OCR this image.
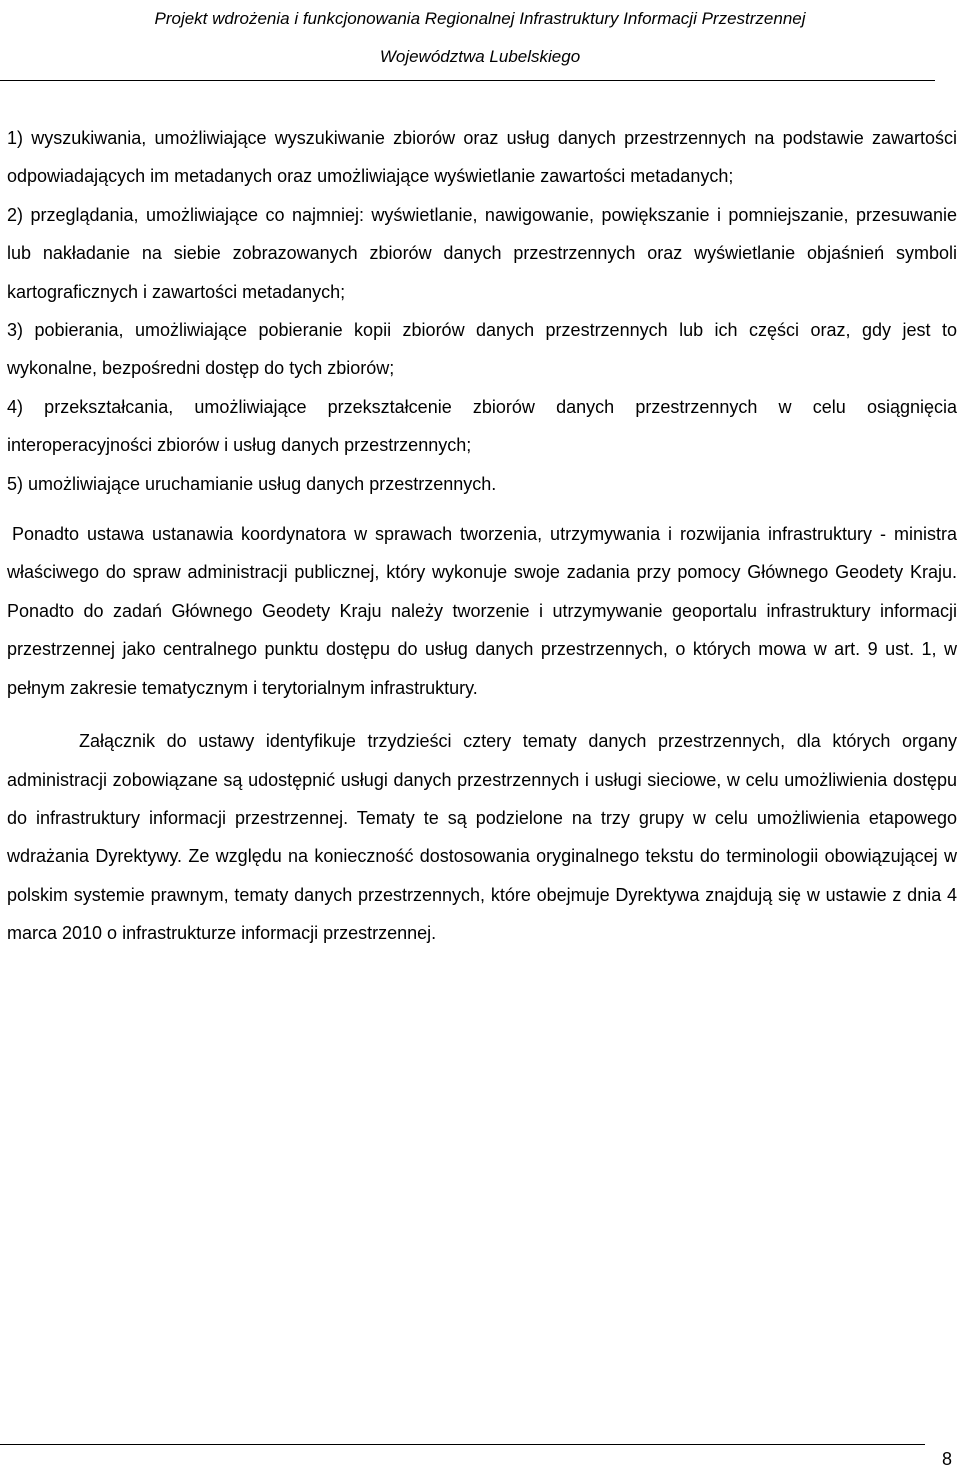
Projekt wdrożenia i funkcjonowania Regionalnej Infrastruktury Informacji Przestrzennej
Województwa Lubelskiego

1) wyszukiwania, umożliwiające wyszukiwanie zbiorów oraz usług danych przestrzennych na podstawie zawartości odpowiadających im metadanych oraz umożliwiające wyświetlanie zawartości metadanych;

2) przeglądania, umożliwiające co najmniej: wyświetlanie, nawigowanie, powiększanie i pomniejszanie, przesuwanie lub nakładanie na siebie zobrazowanych zbiorów danych przestrzennych oraz wyświetlanie objaśnień symboli kartograficznych i zawartości metadanych;

3) pobierania, umożliwiające pobieranie kopii zbiorów danych przestrzennych lub ich części oraz, gdy jest to wykonalne, bezpośredni dostęp do tych zbiorów;

4) przekształcania, umożliwiające przekształcenie zbiorów danych przestrzennych w celu osiągnięcia interoperacyjności zbiorów i usług danych przestrzennych;

5) umożliwiające uruchamianie usług danych przestrzennych.

Ponadto ustawa ustanawia koordynatora w sprawach tworzenia, utrzymywania i rozwijania infrastruktury - ministra właściwego do spraw administracji publicznej, który wykonuje swoje zadania przy pomocy Głównego Geodety Kraju. Ponadto do zadań Głównego Geodety Kraju należy tworzenie i utrzymywanie geoportalu infrastruktury informacji przestrzennej jako centralnego punktu dostępu do usług danych przestrzennych, o których mowa w art. 9 ust. 1, w pełnym zakresie tematycznym i terytorialnym infrastruktury.

Załącznik do ustawy identyfikuje trzydzieści cztery tematy danych przestrzennych, dla których organy administracji zobowiązane są udostępnić usługi danych przestrzennych i usługi sieciowe, w celu umożliwienia dostępu do infrastruktury informacji przestrzennej. Tematy te są podzielone na trzy grupy w celu umożliwienia etapowego wdrażania Dyrektywy. Ze względu na konieczność dostosowania oryginalnego tekstu do terminologii obowiązującej w polskim systemie prawnym, tematy danych przestrzennych, które obejmuje Dyrektywa znajdują się w ustawie z dnia 4 marca 2010 o infrastrukturze informacji przestrzennej.

8
